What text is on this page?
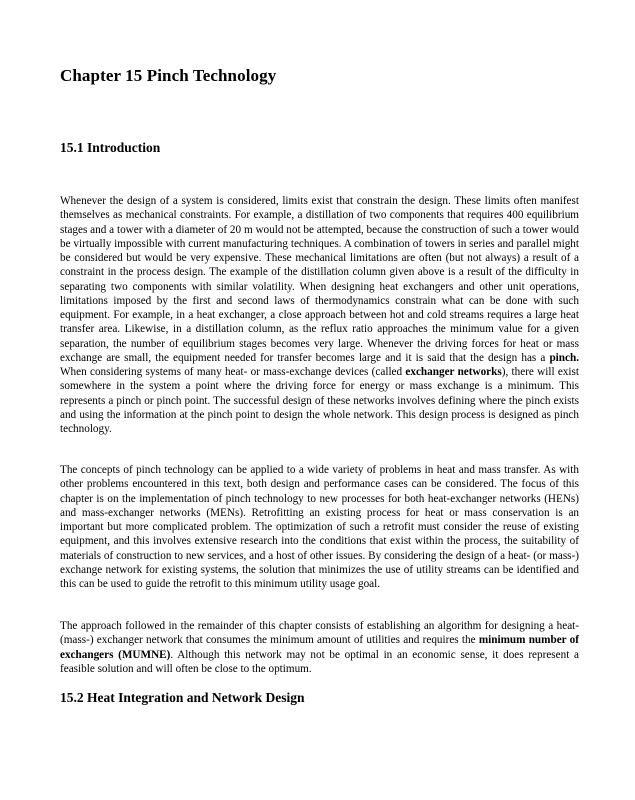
Chapter 15 Pinch Technology
15.1 Introduction

Whenever the design of a system is considered, limits exist that constrain the design. These limits often manifest themselves as mechanical constraints. For example, a distillation of two components that requires 400 equilibrium stages and a tower with a diameter of 20 m would not be attempted, because the construction of such a tower would be virtually impossible with current manufacturing techniques. A combination of towers in series and parallel might be considered but would be very expensive. These mechanical limitations are often (but not always) a result of a constraint in the process design. The example of the distillation column given above is a result of the difficulty in separating two components with similar volatility. When designing heat exchangers and other unit operations, limitations imposed by the first and second laws of thermodynamics constrain what can be done with such equipment. For example, in a heat exchanger, a close approach between hot and cold streams requires a large heat transfer area. Likewise, in a distillation column, as the reflux ratio approaches the minimum value for a given separation, the number of equilibrium stages becomes very large. Whenever the driving forces for heat or mass exchange are small, the equipment needed for transfer becomes large and it is said that the design has a pinch. When considering systems of many heat- or mass-exchange devices (called exchanger networks), there will exist somewhere in the system a point where the driving force for energy or mass exchange is a minimum. This represents a pinch or pinch point. The successful design of these networks involves defining where the pinch exists and using the information at the pinch point to design the whole network. This design process is designed as pinch technology.

The concepts of pinch technology can be applied to a wide variety of problems in heat and mass transfer. As with other problems encountered in this text, both design and performance cases can be considered. The focus of this chapter is on the implementation of pinch technology to new processes for both heat-exchanger networks (HENs) and mass-exchanger networks (MENs). Retrofitting an existing process for heat or mass conservation is an important but more complicated problem. The optimization of such a retrofit must consider the reuse of existing equipment, and this involves extensive research into the conditions that exist within the process, the suitability of materials of construction to new services, and a host of other issues. By considering the design of a heat- (or mass-) exchange network for existing systems, the solution that minimizes the use of utility streams can be identified and this can be used to guide the retrofit to this minimum utility usage goal.

The approach followed in the remainder of this chapter consists of establishing an algorithm for designing a heat- (mass-) exchanger network that consumes the minimum amount of utilities and requires the minimum number of exchangers (MUMNE). Although this network may not be optimal in an economic sense, it does represent a feasible solution and will often be close to the optimum.

15.2 Heat Integration and Network Design
